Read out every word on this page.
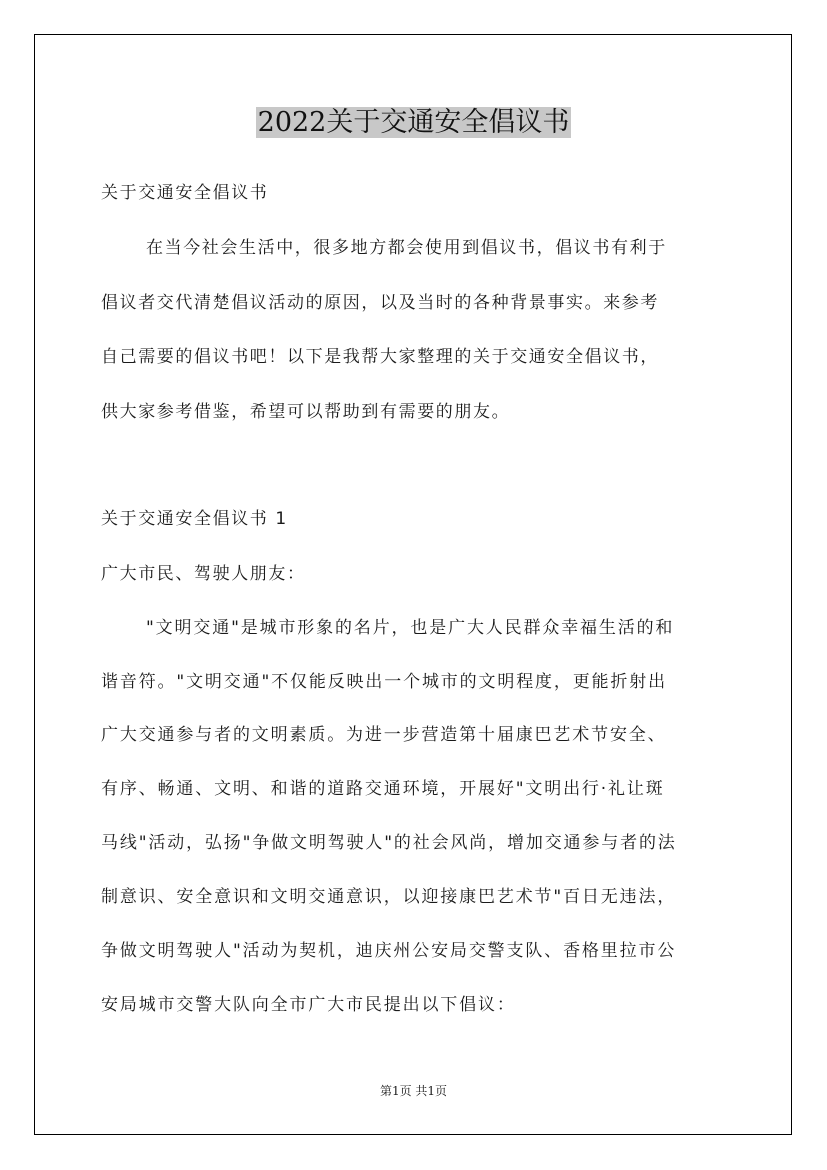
2022关于交通安全倡议书
关于交通安全倡议书
在当今社会生活中，很多地方都会使用到倡议书，倡议书有利于
倡议者交代清楚倡议活动的原因，以及当时的各种背景事实。来参考
自己需要的倡议书吧！以下是我帮大家整理的关于交通安全倡议书，
供大家参考借鉴，希望可以帮助到有需要的朋友。
关于交通安全倡议书 1
广大市民、驾驶人朋友：
"文明交通"是城市形象的名片，也是广大人民群众幸福生活的和
谐音符。"文明交通"不仅能反映出一个城市的文明程度，更能折射出
广大交通参与者的文明素质。为进一步营造第十届康巴艺术节安全、
有序、畅通、文明、和谐的道路交通环境，开展好"文明出行·礼让斑
马线"活动，弘扬"争做文明驾驶人"的社会风尚，增加交通参与者的法
制意识、安全意识和文明交通意识，以迎接康巴艺术节"百日无违法，
争做文明驾驶人"活动为契机，迪庆州公安局交警支队、香格里拉市公
安局城市交警大队向全市广大市民提出以下倡议：
第1页 共1页
